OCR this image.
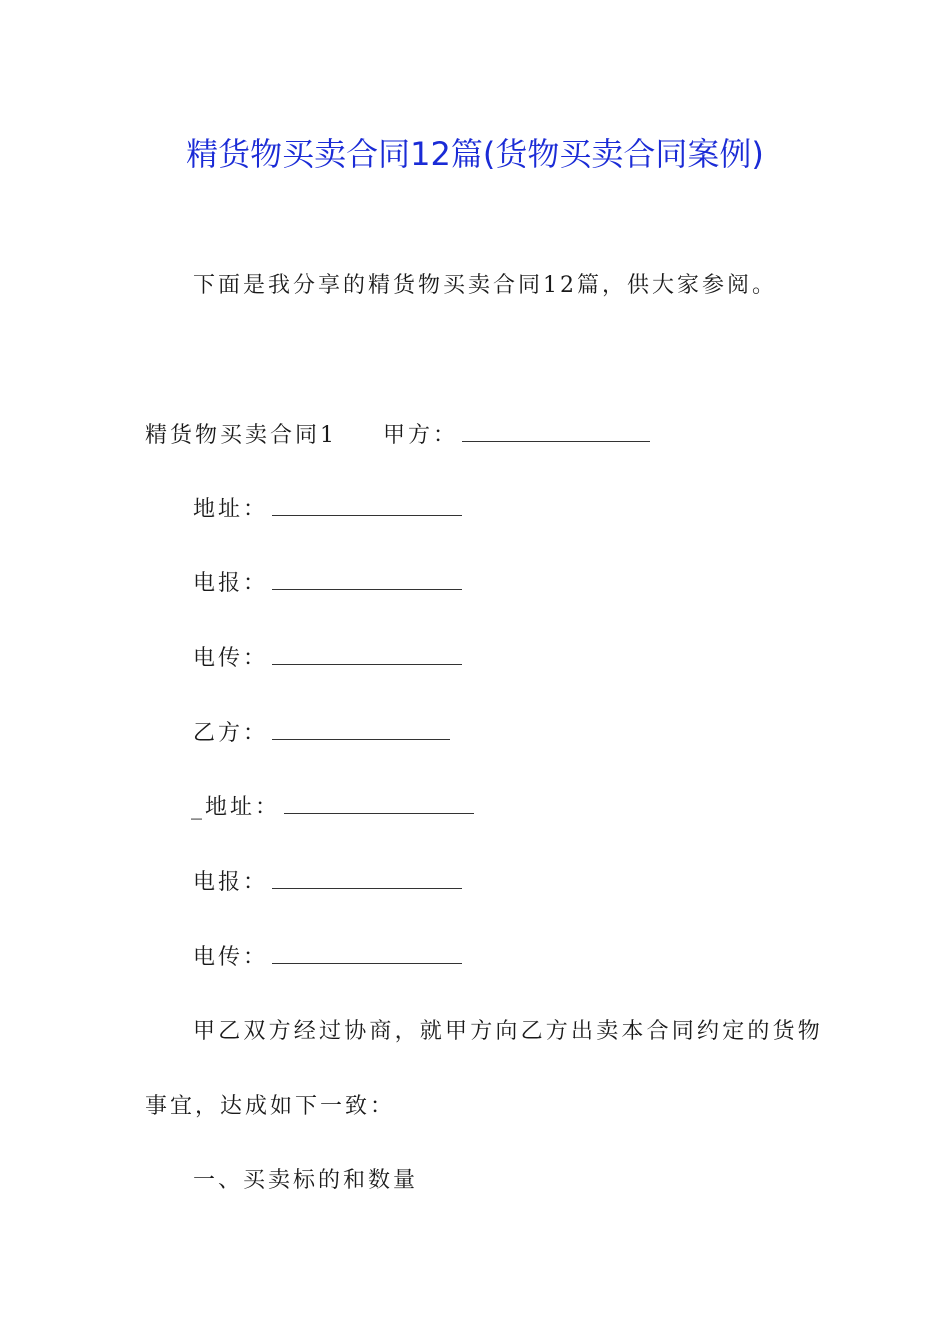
精货物买卖合同12篇(货物买卖合同案例)
下面是我分享的精货物买卖合同12篇，供大家参阅。
精货物买卖合同1 甲方：
地址：
电报：
电传：
乙方：
_地址：
电报：
电传：
甲乙双方经过协商，就甲方向乙方出卖本合同约定的货物
事宜，达成如下一致：
一、买卖标的和数量
